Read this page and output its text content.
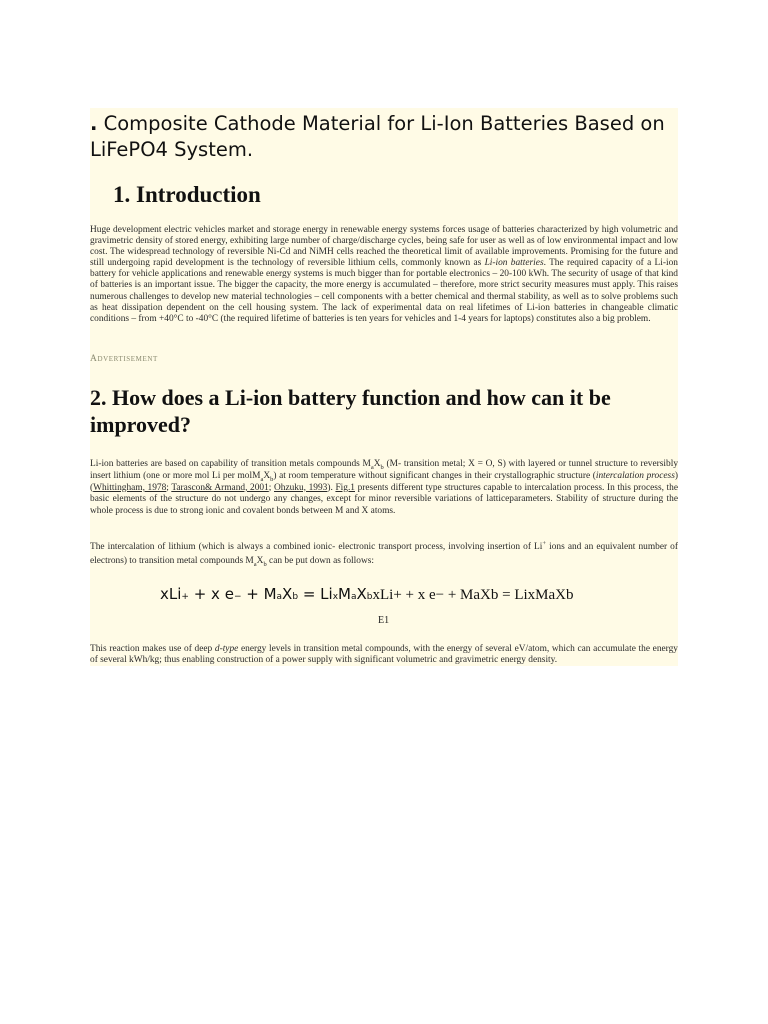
. Composite Cathode Material for Li-Ion Batteries Based on LiFePO4 System.
1. Introduction

Huge development electric vehicles market and storage energy in renewable energy systems forces usage of batteries characterized by high volumetric and gravimetric density of stored energy, exhibiting large number of charge/discharge cycles, being safe for user as well as of low environmental impact and low cost. The widespread technology of reversible Ni-Cd and NiMH cells reached the theoretical limit of available improvements. Promising for the future and still undergoing rapid development is the technology of reversible lithium cells, commonly known as Li-ion batteries. The required capacity of a Li-ion battery for vehicle applications and renewable energy systems is much bigger than for portable electronics – 20-100 kWh. The security of usage of that kind of batteries is an important issue. The bigger the capacity, the more energy is accumulated – therefore, more strict security measures must apply. This raises numerous challenges to develop new material technologies – cell components with a better chemical and thermal stability, as well as to solve problems such as heat dissipation dependent on the cell housing system. The lack of experimental data on real lifetimes of Li-ion batteries in changeable climatic conditions – from +40°C to -40°C (the required lifetime of batteries is ten years for vehicles and 1-4 years for laptops) constitutes also a big problem.

Advertisement
2. How does a Li-ion battery function and how can it be improved?

Li-ion batteries are based on capability of transition metals compounds $M_aX_b$ (M- transition metal; X = O, S) with layered or tunnel structure to reversibly insert lithium (one or more mol Li per $molM_aX_b$) at room temperature without significant changes in their crystallographic structure (intercalation process) (Whittingham, 1978; Tarascon& Armand, 2001; Ohzuku, 1993). Fig.1 presents different type structures capable to intercalation process. In this process, the basic elements of the structure do not undergo any changes, except for minor reversible variations of latticeparameters. Stability of structure during the whole process is due to strong ionic and covalent bonds between M and X atoms.

The intercalation of lithium (which is always a combined ionic- electronic transport process, involving insertion of Li+ ions and an equivalent number of electrons) to transition metal compounds $M_aX_b$ can be put down as follows:

xLi+ + x e− + MaXb = LixMaXbxLi+ + x e− + MaXb = LixMaXb
E1

This reaction makes use of deep d-type energy levels in transition metal compounds, with the energy of several eV/atom, which can accumulate the energy of several kWh/kg; thus enabling construction of a power supply with significant volumetric and gravimetric energy density.
